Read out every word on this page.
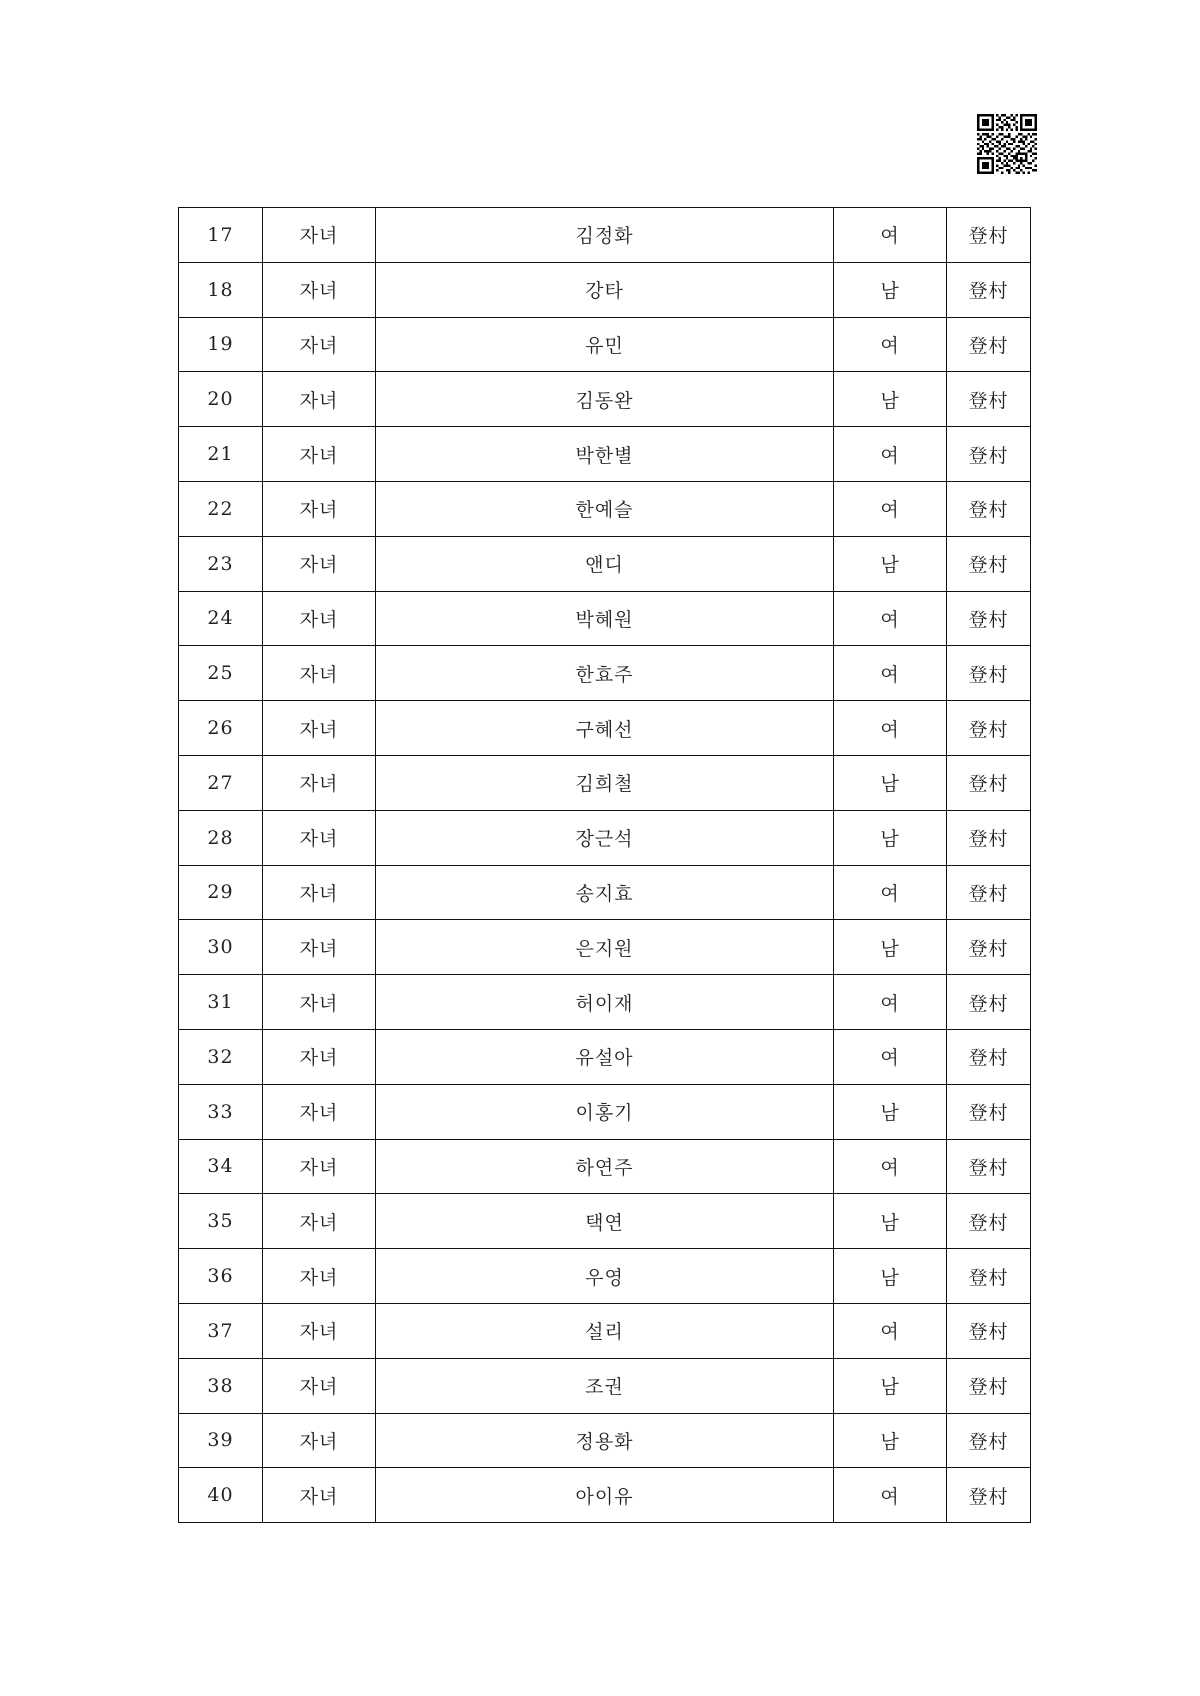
17	자녀	김정화	여	登村
18	자녀	강타	남	登村
19	자녀	유민	여	登村
20	자녀	김동완	남	登村
21	자녀	박한별	여	登村
22	자녀	한예슬	여	登村
23	자녀	앤디	남	登村
24	자녀	박혜원	여	登村
25	자녀	한효주	여	登村
26	자녀	구혜선	여	登村
27	자녀	김희철	남	登村
28	자녀	장근석	남	登村
29	자녀	송지효	여	登村
30	자녀	은지원	남	登村
31	자녀	허이재	여	登村
32	자녀	유설아	여	登村
33	자녀	이홍기	남	登村
34	자녀	하연주	여	登村
35	자녀	택연	남	登村
36	자녀	우영	남	登村
37	자녀	설리	여	登村
38	자녀	조권	남	登村
39	자녀	정용화	남	登村
40	자녀	아이유	여	登村
